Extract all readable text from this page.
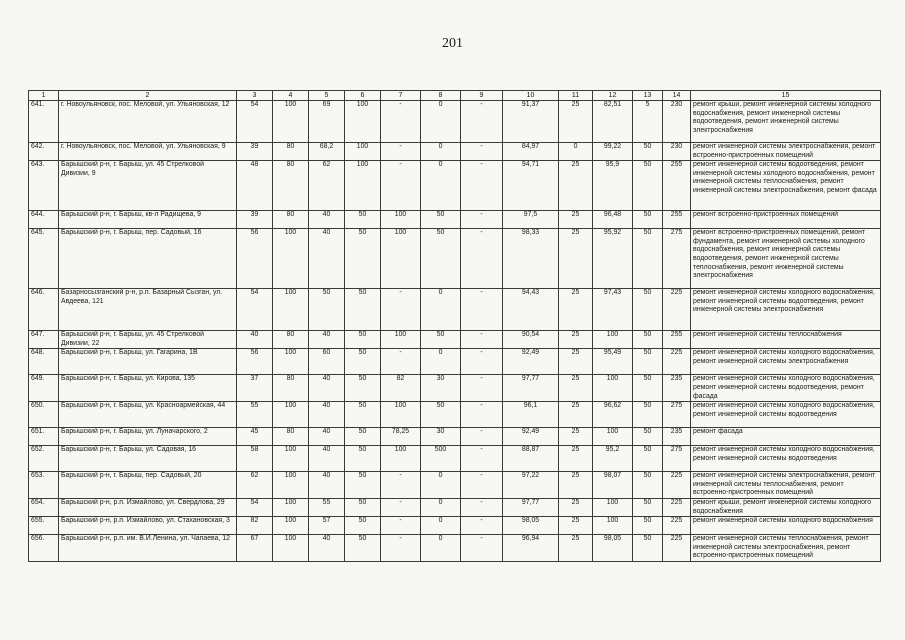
201
1	2	3	4	5	6	7	8	9	10	11	12	13	14	15
641.	г. Новоульяновск, пос. Меловой, ул. Ульяновская, 12	54	100	69	100	-	0	-	91,37	25	82,51	5	230	ремонт крыши, ремонт инженерной системы холодного водоснабжения, ремонт инженерной системы водоотведения, ремонт инженерной системы электроснабжения
642.	г. Новоульяновск, пос. Меловой, ул. Ульяновская, 9	39	80	68,2	100	-	0	-	84,97	0	99,22	50	230	ремонт инженерной системы электроснабжения, ремонт встроенно-пристроенных помещений
643.	Барышский р-н, г. Барыш, ул. 45 Стрелковой Дивизии, 9	48	80	62	100	-	0	-	94,71	25	95,9	50	255	ремонт инженерной системы водоотведения, ремонт инженерной системы холодного водоснабжения, ремонт инженерной системы теплоснабжения, ремонт инженерной системы электроснабжения, ремонт фасада
644.	Барышский р-н, г. Барыш, кв-л Радищева, 9	39	80	40	50	100	50	-	97,5	25	96,48	50	255	ремонт встроенно-пристроенных помещений
645.	Барышский р-н, г. Барыш, пер. Садовый, 16	56	100	40	50	100	50	-	98,33	25	95,92	50	275	ремонт встроенно-пристроенных помещений, ремонт фундамента, ремонт инженерной системы холодного водоснабжения, ремонт инженерной системы водоотведения, ремонт инженерной системы теплоснабжения, ремонт инженерной системы электроснабжения
646.	Базарносызганский р-н, р.п. Базарный Сызган, ул. Авдеева, 121	54	100	50	50	-	0	-	94,43	25	97,43	50	225	ремонт инженерной системы холодного водоснабжения, ремонт инженерной системы водоотведения, ремонт инженерной системы электроснабжения
647.	Барышский р-н, г. Барыш, ул. 45 Стрелковой Дивизии, 22	40	80	40	50	100	50	-	90,54	25	100	50	255	ремонт инженерной системы теплоснабжения
648.	Барышский р-н, г. Барыш, ул. Гагарина, 1В	56	100	60	50	-	0	-	92,49	25	95,49	50	225	ремонт инженерной системы холодного водоснабжения, ремонт инженерной системы электроснабжения
649.	Барышский р-н, г. Барыш, ул. Кирова, 135	37	80	40	50	82	30	-	97,77	25	100	50	235	ремонт инженерной системы холодного водоснабжения, ремонт инженерной системы водоотведения, ремонт фасада
650.	Барышский р-н, г. Барыш, ул. Красноармейская, 44	55	100	40	50	100	50	-	96,1	25	96,62	50	275	ремонт инженерной системы холодного водоснабжения, ремонт инженерной системы водоотведения
651.	Барышский р-н, г. Барыш, ул. Луначарского, 2	45	80	40	50	78,25	30	-	92,49	25	100	50	235	ремонт фасада
652.	Барышский р-н, г. Барыш, ул. Садовая, 16	58	100	40	50	100	500	-	88,87	25	95,2	50	275	ремонт инженерной системы холодного водоснабжения, ремонт инженерной системы водоотведения
653.	Барышский р-н, г. Барыш, пер. Садовый, 20	62	100	40	50	-	0	-	97,22	25	98,07	50	225	ремонт инженерной системы электроснабжения, ремонт инженерной системы теплоснабжения, ремонт встроенно-пристроенных помещений
654.	Барышский р-н, р.п. Измайлово, ул. Свердлова, 29	54	100	55	50	-	0	-	97,77	25	100	50	225	ремонт крыши, ремонт инженерной системы холодного водоснабжения
655.	Барышский р-н, р.п. Измайлово, ул. Стахановская, 3	82	100	57	50	-	0	-	98,05	25	100	50	225	ремонт инженерной системы холодного водоснабжения
656.	Барышский р-н, р.п. им. В.И.Ленина, ул. Чапаева, 12	67	100	40	50	-	0	-	96,94	25	98,05	50	225	ремонт инженерной системы теплоснабжения, ремонт инженерной системы электроснабжения, ремонт встроенно-пристроенных помещений
